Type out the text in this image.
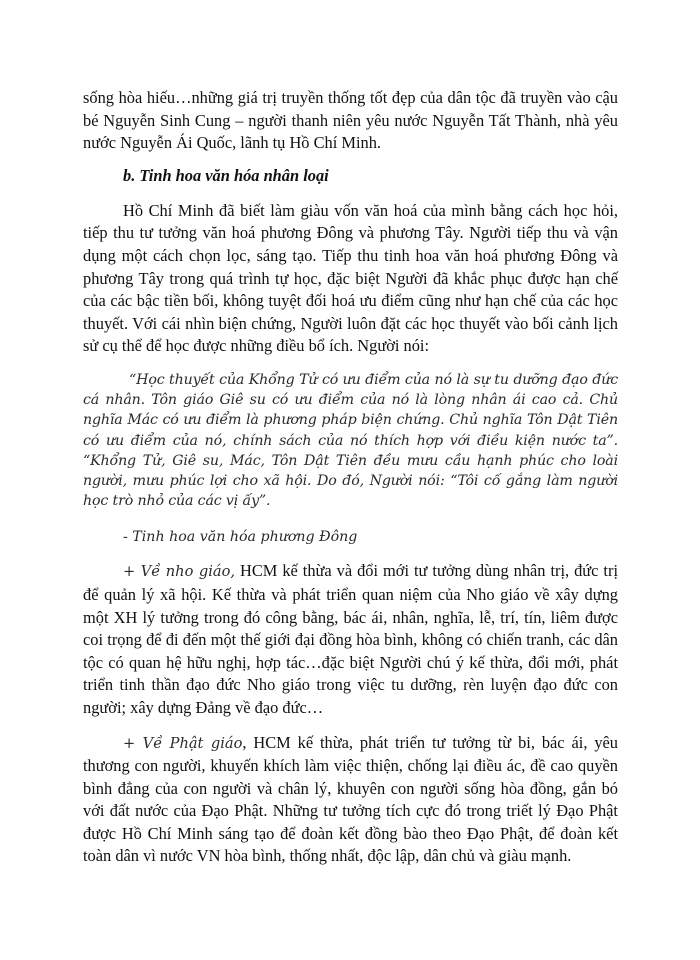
sống hòa hiếu…những giá trị truyền thống tốt đẹp của dân tộc đã truyền vào cậu bé Nguyễn Sinh Cung – người thanh niên yêu nước Nguyễn Tất Thành, nhà yêu nước Nguyễn Ái Quốc, lãnh tụ Hồ Chí Minh.

b. Tinh hoa văn hóa nhân loại

Hồ Chí Minh đã biết làm giàu vốn văn hoá của mình bằng cách học hỏi, tiếp thu tư tưởng văn hoá phương Đông và phương Tây. Người tiếp thu và vận dụng một cách chọn lọc, sáng tạo. Tiếp thu tinh hoa văn hoá phương Đông và phương Tây trong quá trình tự học, đặc biệt Người đã khắc phục được hạn chế của các bậc tiền bối, không tuyệt đối hoá ưu điểm cũng như hạn chế của các học thuyết. Với cái nhìn biện chứng, Người luôn đặt các học thuyết vào bối cảnh lịch sử cụ thể để học được những điều bổ ích. Người nói:

“Học thuyết của Khổng Tử có ưu điểm của nó là sự tu dưỡng đạo đức cá nhân. Tôn giáo Giê su có ưu điểm của nó là lòng nhân ái cao cả. Chủ nghĩa Mác có ưu điểm là phương pháp biện chứng. Chủ nghĩa Tôn Dật Tiên có ưu điểm của nó, chính sách của nó thích hợp với điều kiện nước ta”. “Khổng Tử, Giê su, Mác, Tôn Dật Tiên đều mưu cầu hạnh phúc cho loài người, mưu phúc lợi cho xã hội. Do đó, Người nói: “Tôi cố gắng làm người học trò nhỏ của các vị ấy”.

- Tinh hoa văn hóa phương Đông

+ Về nho giáo, HCM kế thừa và đổi mới tư tưởng dùng nhân trị, đức trị để quản lý xã hội. Kế thừa và phát triển quan niệm của Nho giáo về xây dựng một XH lý tưởng trong đó công bằng, bác ái, nhân, nghĩa, lễ, trí, tín, liêm được coi trọng để đi đến một thế giới đại đồng hòa bình, không có chiến tranh, các dân tộc có quan hệ hữu nghị, hợp tác…đặc biệt Người chú ý kế thừa, đổi mới, phát triển tinh thần đạo đức Nho giáo trong việc tu dưỡng, rèn luyện đạo đức con người; xây dựng Đảng về đạo đức…

+ Về Phật giáo, HCM kế thừa, phát triển tư tưởng từ bi, bác ái, yêu thương con người, khuyến khích làm việc thiện, chống lại điều ác, đề cao quyền bình đẳng của con người và chân lý, khuyên con người sống hòa đồng, gắn bó với đất nước của Đạo Phật. Những tư tưởng tích cực đó trong triết lý Đạo Phật được Hồ Chí Minh sáng tạo để đoàn kết đồng bào theo Đạo Phật, để đoàn kết toàn dân vì nước VN hòa bình, thống nhất, độc lập, dân chủ và giàu mạnh.
